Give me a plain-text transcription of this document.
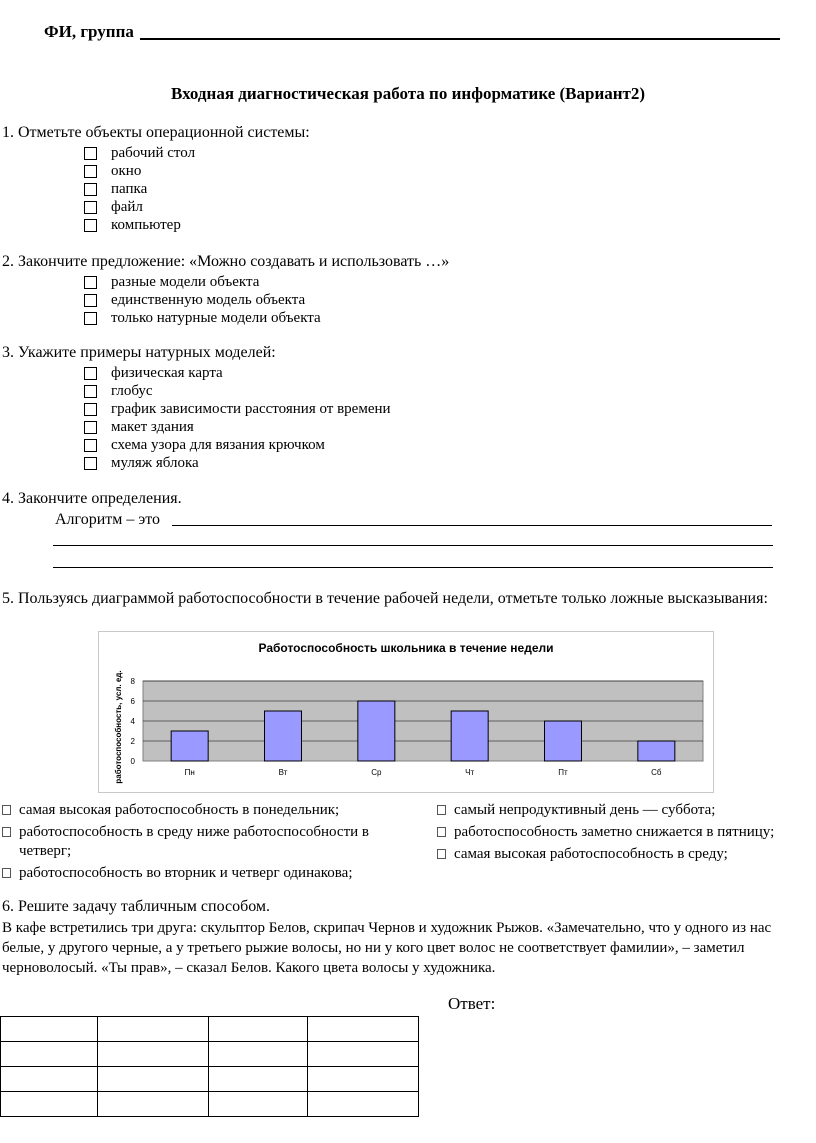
ФИ, группа
Входная диагностическая работа по информатике (Вариант2)
1. Отметьте объекты операционной системы:
рабочий стол
окно
папка
файл
компьютер
2. Закончите предложение: «Можно создавать и использовать …»
разные модели объекта
единственную модель объекта
только натурные модели объекта
3. Укажите примеры натурных моделей:
физическая карта
глобус
график зависимости расстояния от времени
макет здания
схема узора для вязания крючком
муляж яблока
4. Закончите определения.
Алгоритм – это
5. Пользуясь диаграммой работоспособности в течение рабочей недели, отметьте только ложные высказывания:
Работоспособность школьника в течение недели
работоспособность, усл. ед. 0
2
4
6
8
Пн	Вт	Ср	Чт	Пт	Сб
самая высокая работоспособность в понедельник;
работоспособность в среду ниже работоспособности в четверг;
работоспособность во вторник и четверг одинакова;
самый непродуктивный день — суббота;
работоспособность заметно снижается в пятницу;
самая высокая работоспособность в среду;
6. Решите задачу табличным способом.
В кафе встретились три друга: скульптор Белов, скрипач Чернов и художник Рыжов. «Замечательно, что у одного из нас белые, у другого черные, а у третьего рыжие волосы, но ни у кого цвет волос не соответствует фамилии», – заметил черноволосый. «Ты прав», – сказал Белов. Какого цвета волосы у художника.
Ответ:
